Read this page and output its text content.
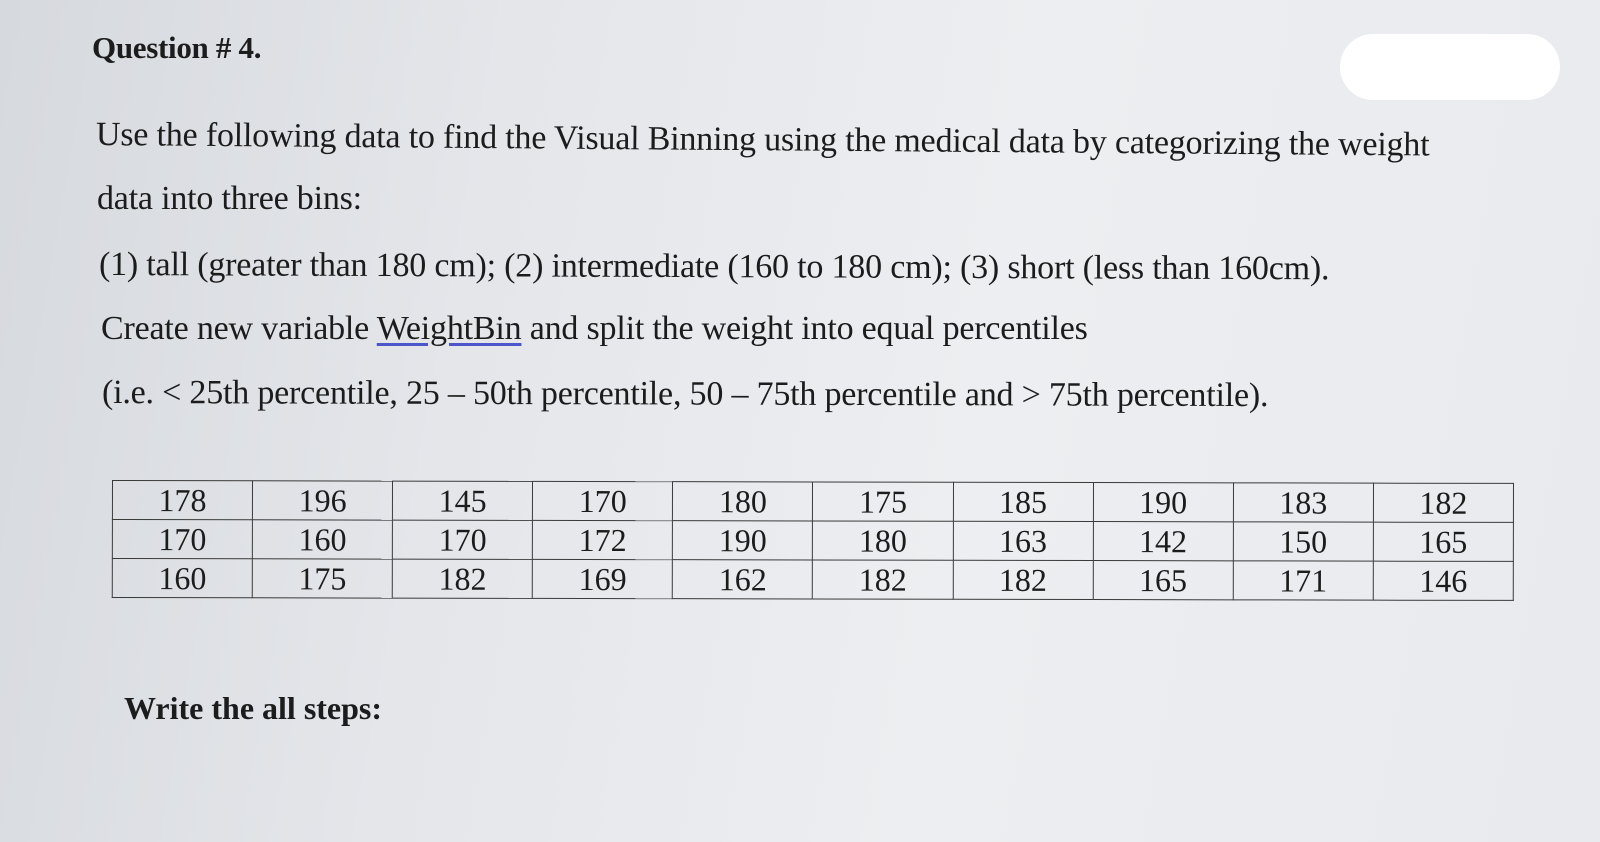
Question # 4.
Use the following data to find the Visual Binning using the medical data by categorizing the weight
data into three bins:
(1) tall (greater than 180 cm); (2) intermediate (160 to 180 cm); (3) short (less than 160cm).
Create new variable WeightBin and split the weight into equal percentiles
(i.e. < 25th percentile, 25 – 50th percentile, 50 – 75th percentile and > 75th percentile).
178	196	145	170	180	175	185	190	183	182
170	160	170	172	190	180	163	142	150	165
160	175	182	169	162	182	182	165	171	146
Write the all steps:
